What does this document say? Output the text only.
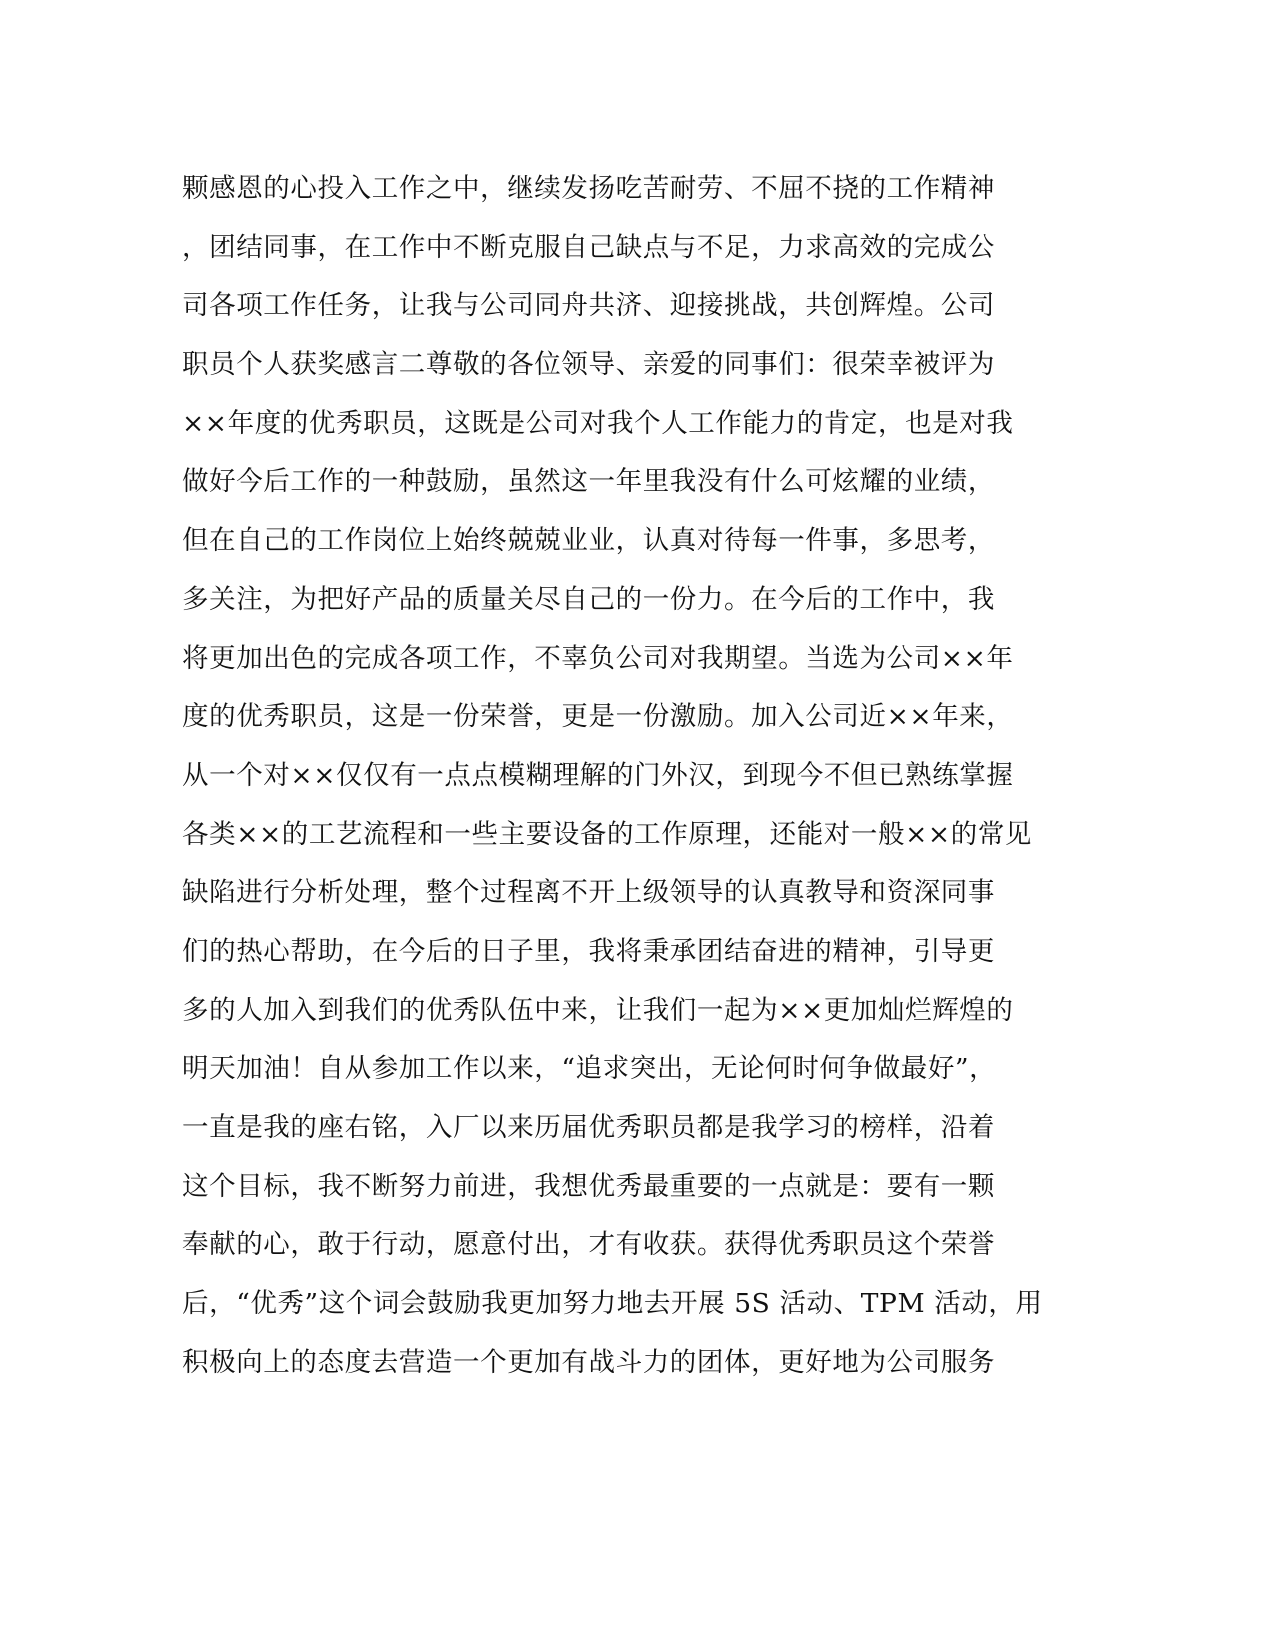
颗感恩的心投入工作之中，继续发扬吃苦耐劳、不屈不挠的工作精神
，团结同事，在工作中不断克服自己缺点与不足，力求高效的完成公
司各项工作任务，让我与公司同舟共济、迎接挑战，共创辉煌。公司
职员个人获奖感言二尊敬的各位领导、亲爱的同事们：很荣幸被评为
××年度的优秀职员，这既是公司对我个人工作能力的肯定，也是对我
做好今后工作的一种鼓励，虽然这一年里我没有什么可炫耀的业绩，
但在自己的工作岗位上始终兢兢业业，认真对待每一件事，多思考，
多关注，为把好产品的质量关尽自己的一份力。在今后的工作中，我
将更加出色的完成各项工作，不辜负公司对我期望。当选为公司××年
度的优秀职员，这是一份荣誉，更是一份激励。加入公司近××年来，
从一个对××仅仅有一点点模糊理解的门外汉，到现今不但已熟练掌握
各类××的工艺流程和一些主要设备的工作原理，还能对一般××的常见
缺陷进行分析处理，整个过程离不开上级领导的认真教导和资深同事
们的热心帮助，在今后的日子里，我将秉承团结奋进的精神，引导更
多的人加入到我们的优秀队伍中来，让我们一起为××更加灿烂辉煌的
明天加油！自从参加工作以来，“追求突出，无论何时何争做最好”，
一直是我的座右铭，入厂以来历届优秀职员都是我学习的榜样，沿着
这个目标，我不断努力前进，我想优秀最重要的一点就是：要有一颗
奉献的心，敢于行动，愿意付出，才有收获。获得优秀职员这个荣誉
后，“优秀”这个词会鼓励我更加努力地去开展 5S 活动、TPM 活动，用
积极向上的态度去营造一个更加有战斗力的团体，更好地为公司服务
